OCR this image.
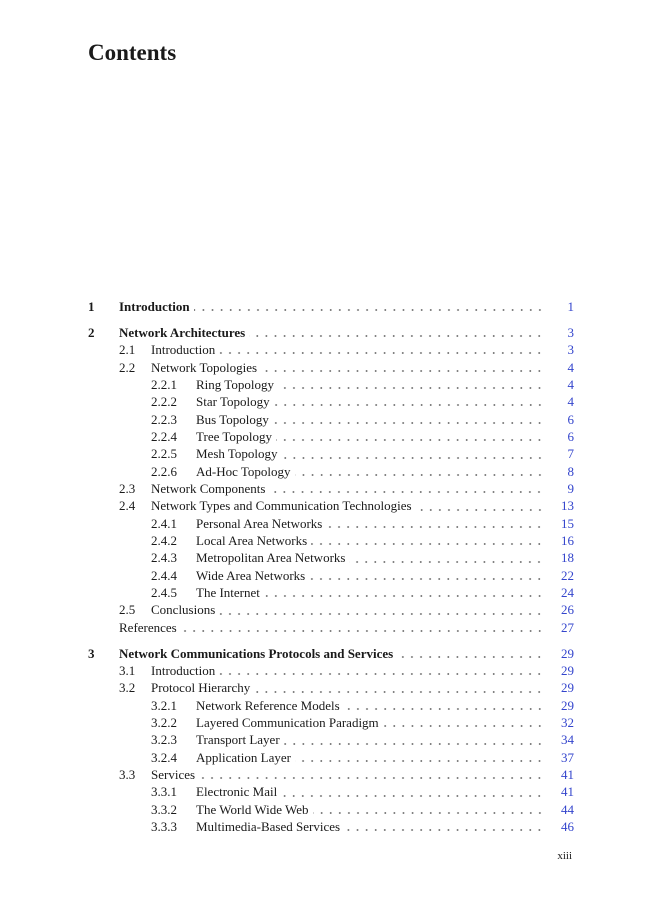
Contents
1	Introduction	1
2	Network Architectures	3
2.1	Introduction	3
2.2	Network Topologies	4
2.2.1	Ring Topology	4
2.2.2	Star Topology	4
2.2.3	Bus Topology	6
2.2.4	Tree Topology	6
2.2.5	Mesh Topology	7
2.2.6	Ad-Hoc Topology	8
2.3	Network Components	9
2.4	Network Types and Communication Technologies	13
2.4.1	Personal Area Networks	15
2.4.2	Local Area Networks	16
2.4.3	Metropolitan Area Networks	18
2.4.4	Wide Area Networks	22
2.4.5	The Internet	24
2.5	Conclusions	26
References	27
3	Network Communications Protocols and Services	29
3.1	Introduction	29
3.2	Protocol Hierarchy	29
3.2.1	Network Reference Models	29
3.2.2	Layered Communication Paradigm	32
3.2.3	Transport Layer	34
3.2.4	Application Layer	37
3.3	Services	41
3.3.1	Electronic Mail	41
3.3.2	The World Wide Web	44
3.3.3	Multimedia-Based Services	46
xiii
